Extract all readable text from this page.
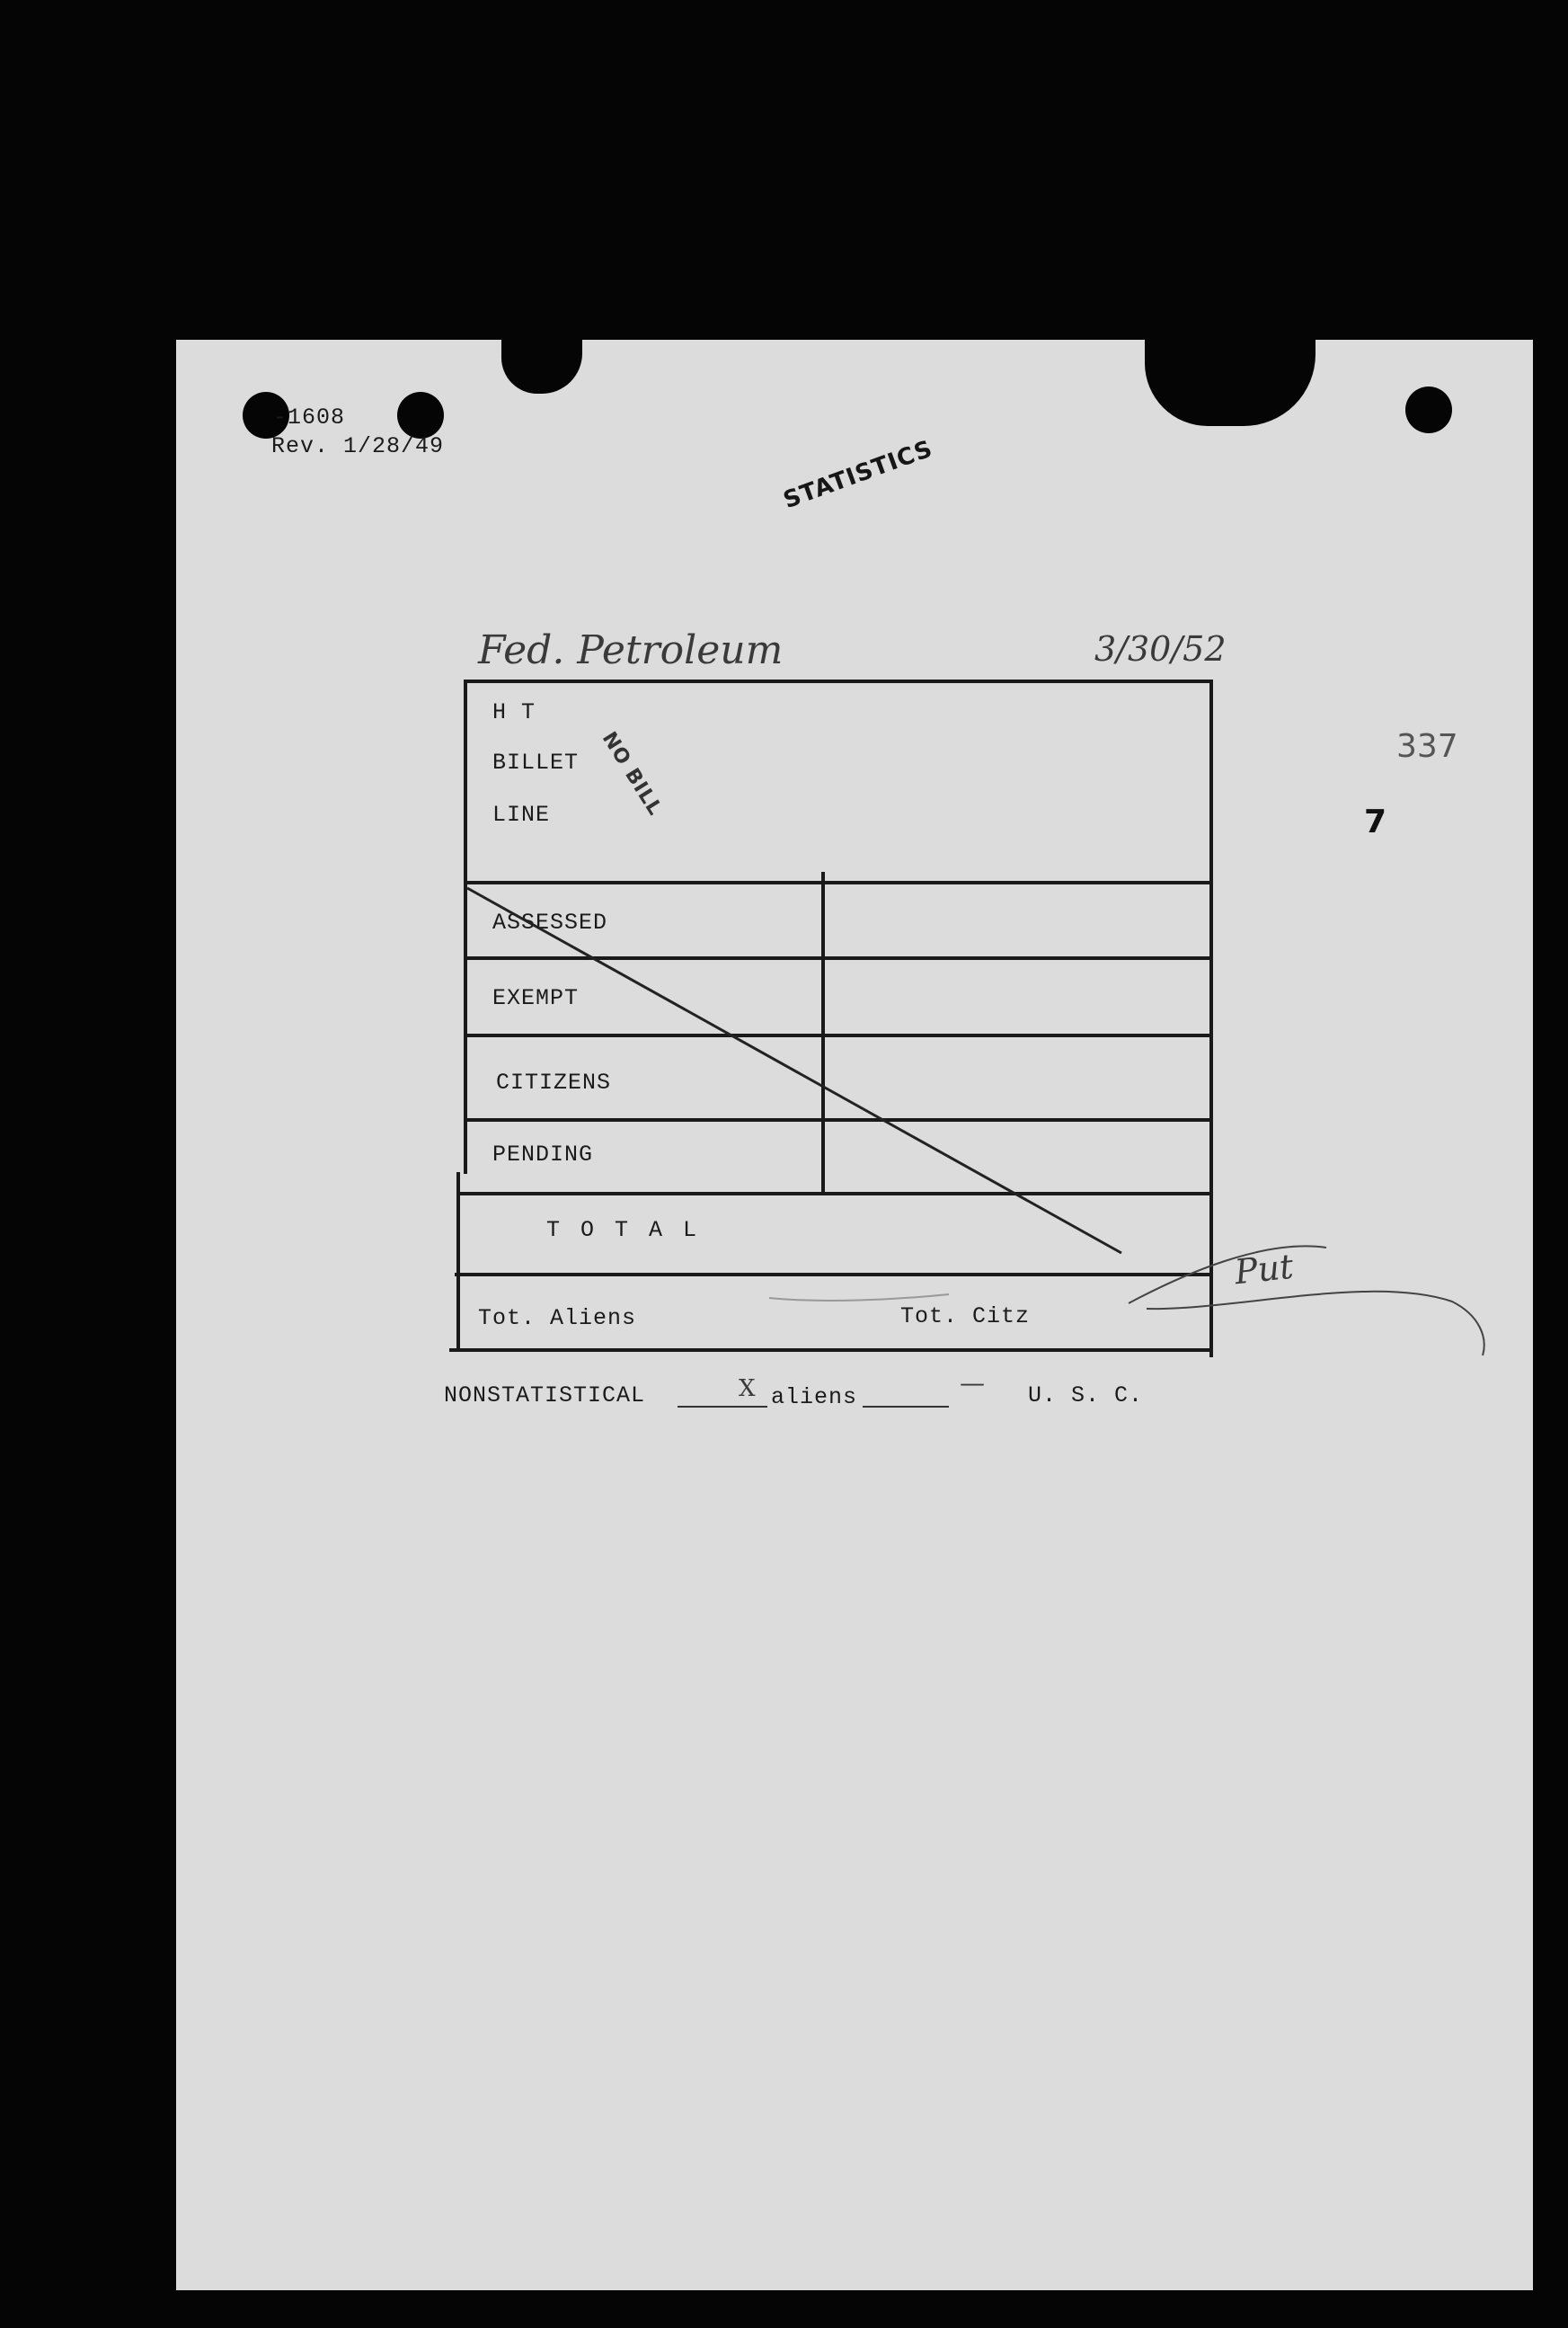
-1608
Rev. 1/28/49	STATISTICS
Fed. Petroleum	3/30/52
337
7
H T
BILLET
LINE NO BILL
ASSESSED
EXEMPT
CITIZENS
PENDING
T O T A L
Tot. Aliens	Tot. Citz
NONSTATISTICAL	X aliens	— U. S. C.
Put
